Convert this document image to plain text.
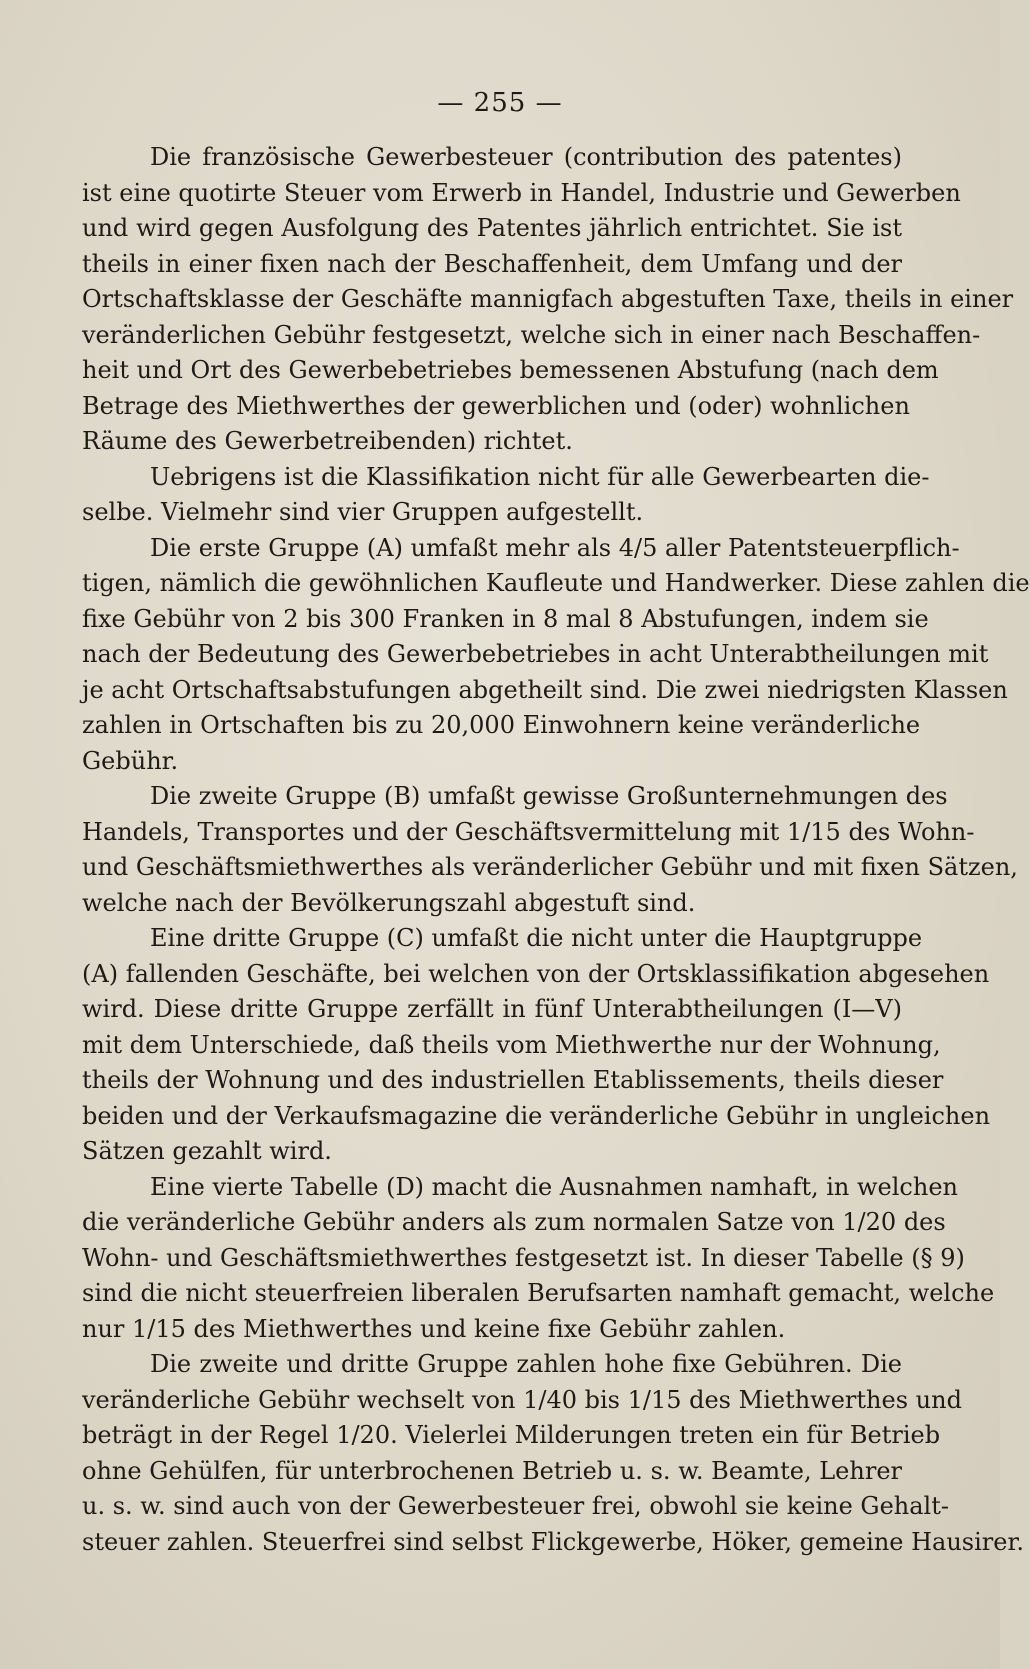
— 255 —
Die französische Gewerbesteuer (contribution des patentes)
ist eine quotirte Steuer vom Erwerb in Handel, Industrie und Gewerben
und wird gegen Ausfolgung des Patentes jährlich entrichtet. Sie ist
theils in einer fixen nach der Beschaffenheit, dem Umfang und der
Ortschaftsklasse der Geschäfte mannigfach abgestuften Taxe, theils in einer
veränderlichen Gebühr festgesetzt, welche sich in einer nach Beschaffen-
heit und Ort des Gewerbebetriebes bemessenen Abstufung (nach dem
Betrage des Miethwerthes der gewerblichen und (oder) wohnlichen
Räume des Gewerbetreibenden) richtet.
Uebrigens ist die Klassifikation nicht für alle Gewerbearten die-
selbe. Vielmehr sind vier Gruppen aufgestellt.
Die erste Gruppe (A) umfaßt mehr als 4/5 aller Patentsteuerpflich-
tigen, nämlich die gewöhnlichen Kaufleute und Handwerker. Diese zahlen die
fixe Gebühr von 2 bis 300 Franken in 8 mal 8 Abstufungen, indem sie
nach der Bedeutung des Gewerbebetriebes in acht Unterabtheilungen mit
je acht Ortschaftsabstufungen abgetheilt sind. Die zwei niedrigsten Klassen
zahlen in Ortschaften bis zu 20,000 Einwohnern keine veränderliche
Gebühr.
Die zweite Gruppe (B) umfaßt gewisse Großunternehmungen des
Handels, Transportes und der Geschäftsvermittelung mit 1/15 des Wohn-
und Geschäftsmiethwerthes als veränderlicher Gebühr und mit fixen Sätzen,
welche nach der Bevölkerungszahl abgestuft sind.
Eine dritte Gruppe (C) umfaßt die nicht unter die Hauptgruppe
(A) fallenden Geschäfte, bei welchen von der Ortsklassifikation abgesehen
wird. Diese dritte Gruppe zerfällt in fünf Unterabtheilungen (I—V)
mit dem Unterschiede, daß theils vom Miethwerthe nur der Wohnung,
theils der Wohnung und des industriellen Etablissements, theils dieser
beiden und der Verkaufsmagazine die veränderliche Gebühr in ungleichen
Sätzen gezahlt wird.
Eine vierte Tabelle (D) macht die Ausnahmen namhaft, in welchen
die veränderliche Gebühr anders als zum normalen Satze von 1/20 des
Wohn- und Geschäftsmiethwerthes festgesetzt ist. In dieser Tabelle (§ 9)
sind die nicht steuerfreien liberalen Berufsarten namhaft gemacht, welche
nur 1/15 des Miethwerthes und keine fixe Gebühr zahlen.
Die zweite und dritte Gruppe zahlen hohe fixe Gebühren. Die
veränderliche Gebühr wechselt von 1/40 bis 1/15 des Miethwerthes und
beträgt in der Regel 1/20. Vielerlei Milderungen treten ein für Betrieb
ohne Gehülfen, für unterbrochenen Betrieb u. s. w. Beamte, Lehrer
u. s. w. sind auch von der Gewerbesteuer frei, obwohl sie keine Gehalt-
steuer zahlen. Steuerfrei sind selbst Flickgewerbe, Höker, gemeine Hausirer.
